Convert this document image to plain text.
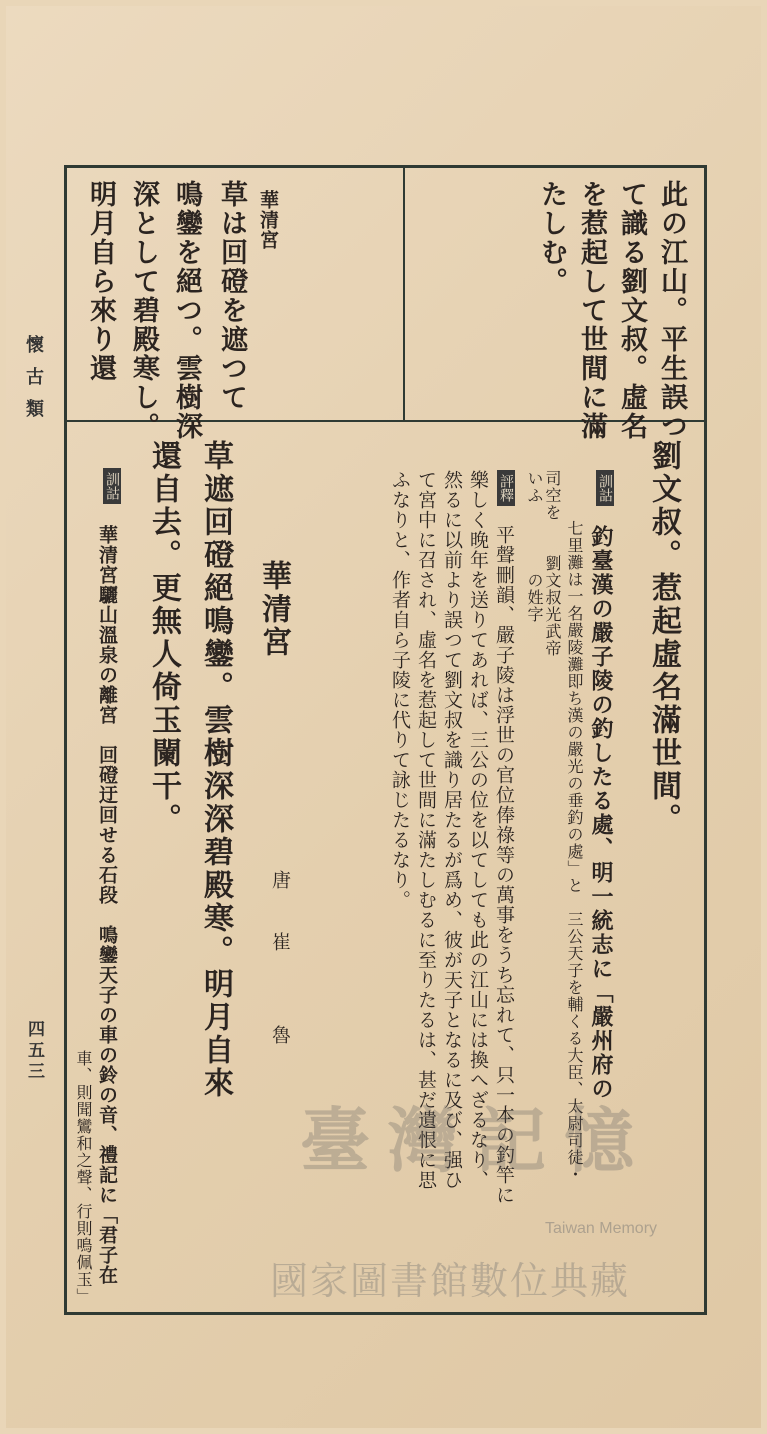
懷古類
四五三
此の江山。平生誤つ
て識る劉文叔。虛名
を惹起して世間に滿
たしむ。
華清宮
草は回磴を遮つて
鳴鑾を絕つ。雲樹深
深として碧殿寒し。
明月自ら來り還
劉文叔。惹起虛名滿世間。
訓詁
釣臺漢の嚴子陵の釣したる處、明一統志に「嚴州府の
七里灘は一名嚴陵灘即ち漢の嚴光の垂釣の處」と　三公天子を輔くる大臣、太尉司徒・
司空を　　劉文叔光武帝
いふ　　　　の姓字
評釋
平聲刪韻、嚴子陵は浮世の官位俸祿等の萬事をうち忘れて、只一本の釣竿に
樂しく晚年を送りてあれば、三公の位を以てしても此の江山には換へざるなり、
然るに以前より誤つて劉文叔を識り居たるが爲め、彼が天子となるに及び、强ひ
て宮中に召され、虛名を惹起して世間に滿たしむるに至りたるは、甚だ遺恨に思
ふなりと、作者自ら子陵に代りて詠じたるなり。
華清宮
唐　崔　　魯
草遮回磴絕鳴鑾。雲樹深深碧殿寒。明月自來
還自去。更無人倚玉闌干。
訓詁
華清宮驪山溫泉の離宮　回磴迂回せる石段　鳴鑾天子の車の鈴の音、禮記に「君子在
車、則聞鸞和之聲、行則鳴佩玉」	臺灣記憶
Taiwan Memory
國家圖書館數位典藏
